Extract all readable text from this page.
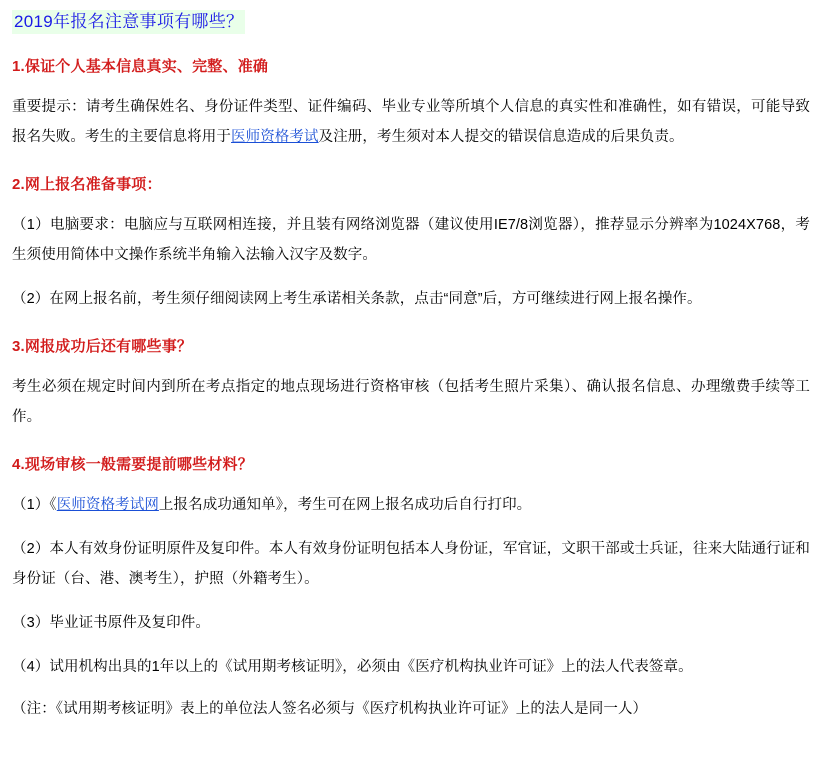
2019年报名注意事项有哪些？
1.保证个人基本信息真实、完整、准确
重要提示：请考生确保姓名、身份证件类型、证件编码、毕业专业等所填个人信息的真实性和准确性，如有错误，可能导致报名失败。考生的主要信息将用于医师资格考试及注册，考生须对本人提交的错误信息造成的后果负责。
2.网上报名准备事项：
（1）电脑要求：电脑应与互联网相连接，并且装有网络浏览器（建议使用IE7/8浏览器），推荐显示分辨率为1024X768，考生须使用简体中文操作系统半角输入法输入汉字及数字。
（2）在网上报名前，考生须仔细阅读网上考生承诺相关条款，点击“同意”后，方可继续进行网上报名操作。
3.网报成功后还有哪些事？
考生必须在规定时间内到所在考点指定的地点现场进行资格审核（包括考生照片采集）、确认报名信息、办理缴费手续等工作。
4.现场审核一般需要提前哪些材料？
（1）《医师资格考试网上报名成功通知单》，考生可在网上报名成功后自行打印。
（2）本人有效身份证明原件及复印件。本人有效身份证明包括本人身份证，军官证，文职干部或士兵证，往来大陆通行证和身份证（台、港、澳考生），护照（外籍考生）。
（3）毕业证书原件及复印件。
（4）试用机构出具的1年以上的《试用期考核证明》，必须由《医疗机构执业许可证》上的法人代表签章。
（注：《试用期考核证明》表上的单位法人签名必须与《医疗机构执业许可证》上的法人是同一人）
